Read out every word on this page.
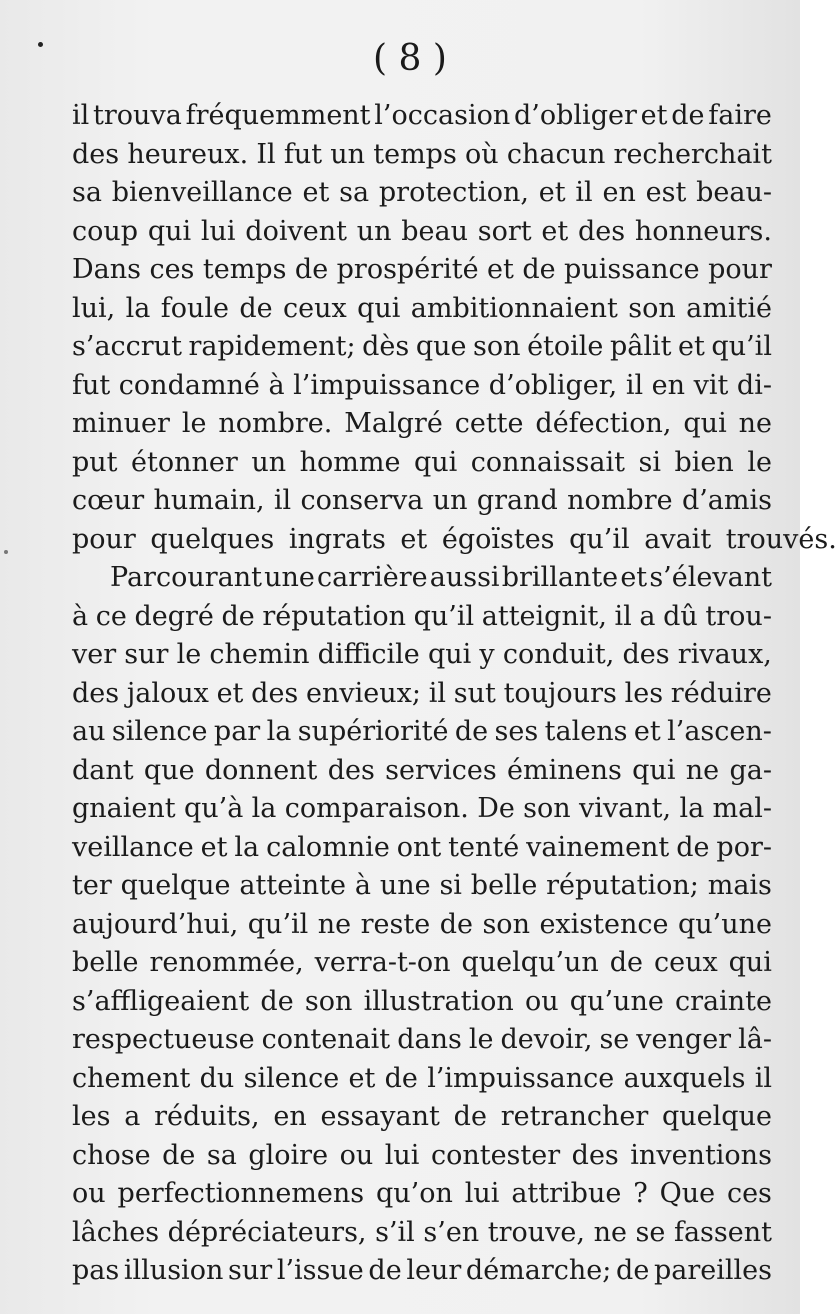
( 8 )
il trouva fréquemment l’occasion d’obliger et de faire
des heureux. Il fut un temps où chacun recherchait
sa bienveillance et sa protection, et il en est beau-
coup qui lui doivent un beau sort et des honneurs.
Dans ces temps de prospérité et de puissance pour
lui, la foule de ceux qui ambitionnaient son amitié
s’accrut rapidement; dès que son étoile pâlit et qu’il
fut condamné à l’impuissance d’obliger, il en vit di-
minuer le nombre. Malgré cette défection, qui ne
put étonner un homme qui connaissait si bien le
cœur humain, il conserva un grand nombre d’amis
pour quelques ingrats et égoïstes qu’il avait trouvés.
Parcourant une carrière aussi brillante et s’élevant
à ce degré de réputation qu’il atteignit, il a dû trou-
ver sur le chemin difficile qui y conduit, des rivaux,
des jaloux et des envieux; il sut toujours les réduire
au silence par la supériorité de ses talens et l’ascen-
dant que donnent des services éminens qui ne ga-
gnaient qu’à la comparaison. De son vivant, la mal-
veillance et la calomnie ont tenté vainement de por-
ter quelque atteinte à une si belle réputation; mais
aujourd’hui, qu’il ne reste de son existence qu’une
belle renommée, verra-t-on quelqu’un de ceux qui
s’affligeaient de son illustration ou qu’une crainte
respectueuse contenait dans le devoir, se venger lâ-
chement du silence et de l’impuissance auxquels il
les a réduits, en essayant de retrancher quelque
chose de sa gloire ou lui contester des inventions
ou perfectionnemens qu’on lui attribue ? Que ces
lâches dépréciateurs, s’il s’en trouve, ne se fassent
pas illusion sur l’issue de leur démarche; de pareilles
